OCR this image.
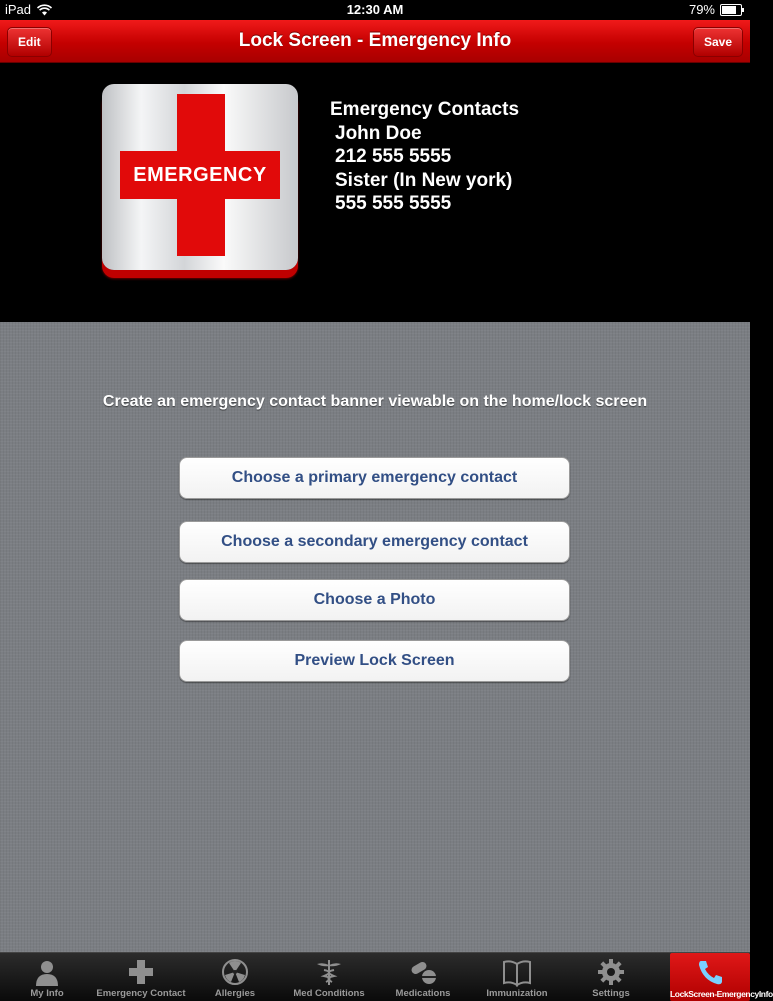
iPad	12:30 AM	79%
Lock Screen - Emergency Info
Edit	Save
EMERGENCY
Emergency Contacts
John Doe
212 555 5555
Sister (In New york)
555 555 5555
Create an emergency contact banner viewable on the home/lock screen
Choose a primary emergency contact
Choose a secondary emergency contact
Choose a Photo
Preview Lock Screen
My Info	Emergency Contact	Allergies	Med Conditions	Medications	Immunization	Settings	LockScreen-EmergencyInfo
